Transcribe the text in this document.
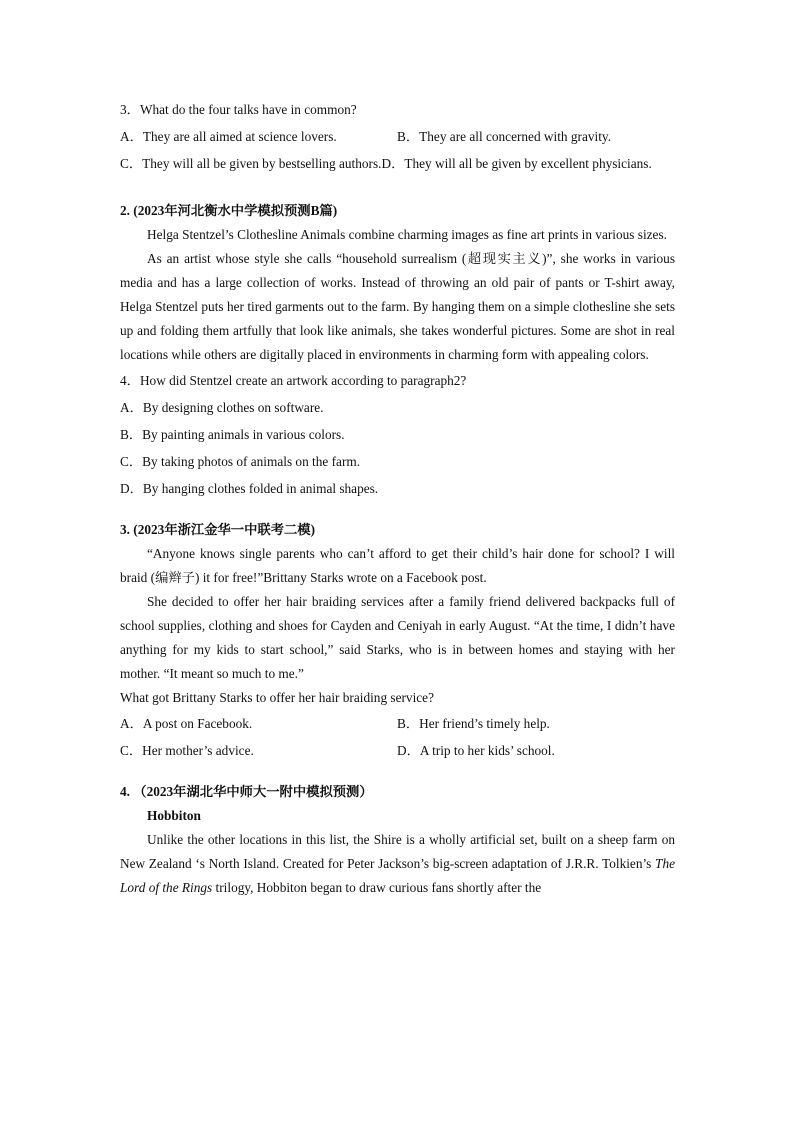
3．What do the four talks have in common?

A．They are all aimed at science lovers.	B．They are all concerned with gravity.

C．They will all be given by bestselling authors.D．They will all be given by excellent physicians.

2. (2023年河北衡水中学模拟预测B篇)

Helga Stentzel’s Clothesline Animals combine charming images as fine art prints in various sizes.

As an artist whose style she calls “household surrealism (超现实主义)”, she works in various media and has a large collection of works. Instead of throwing an old pair of pants or T-shirt away, Helga Stentzel puts her tired garments out to the farm. By hanging them on a simple clothesline she sets up and folding them artfully that look like animals, she takes wonderful pictures. Some are shot in real locations while others are digitally placed in environments in charming form with appealing colors.

4．How did Stentzel create an artwork according to paragraph2?

A．By designing clothes on software.

B．By painting animals in various colors.

C．By taking photos of animals on the farm.

D．By hanging clothes folded in animal shapes.

3. (2023年浙江金华一中联考二模)

“Anyone knows single parents who can’t afford to get their child’s hair done for school? I will braid (编辫子) it for free!”Brittany Starks wrote on a Facebook post.

She decided to offer her hair braiding services after a family friend delivered backpacks full of school supplies, clothing and shoes for Cayden and Ceniyah in early August. “At the time, I didn’t have anything for my kids to start school,” said Starks, who is in between homes and staying with her mother. “It meant so much to me.”

What got Brittany Starks to offer her hair braiding service?

A．A post on Facebook.	B．Her friend’s timely help.
C．Her mother’s advice.	D．A trip to her kids’ school.

4. （2023年湖北华中师大一附中模拟预测）

Hobbiton

Unlike the other locations in this list, the Shire is a wholly artificial set, built on a sheep farm on New Zealand ‘s North Island. Created for Peter Jackson’s big-screen adaptation of J.R.R. Tolkien’s The Lord of the Rings trilogy, Hobbiton began to draw curious fans shortly after the
